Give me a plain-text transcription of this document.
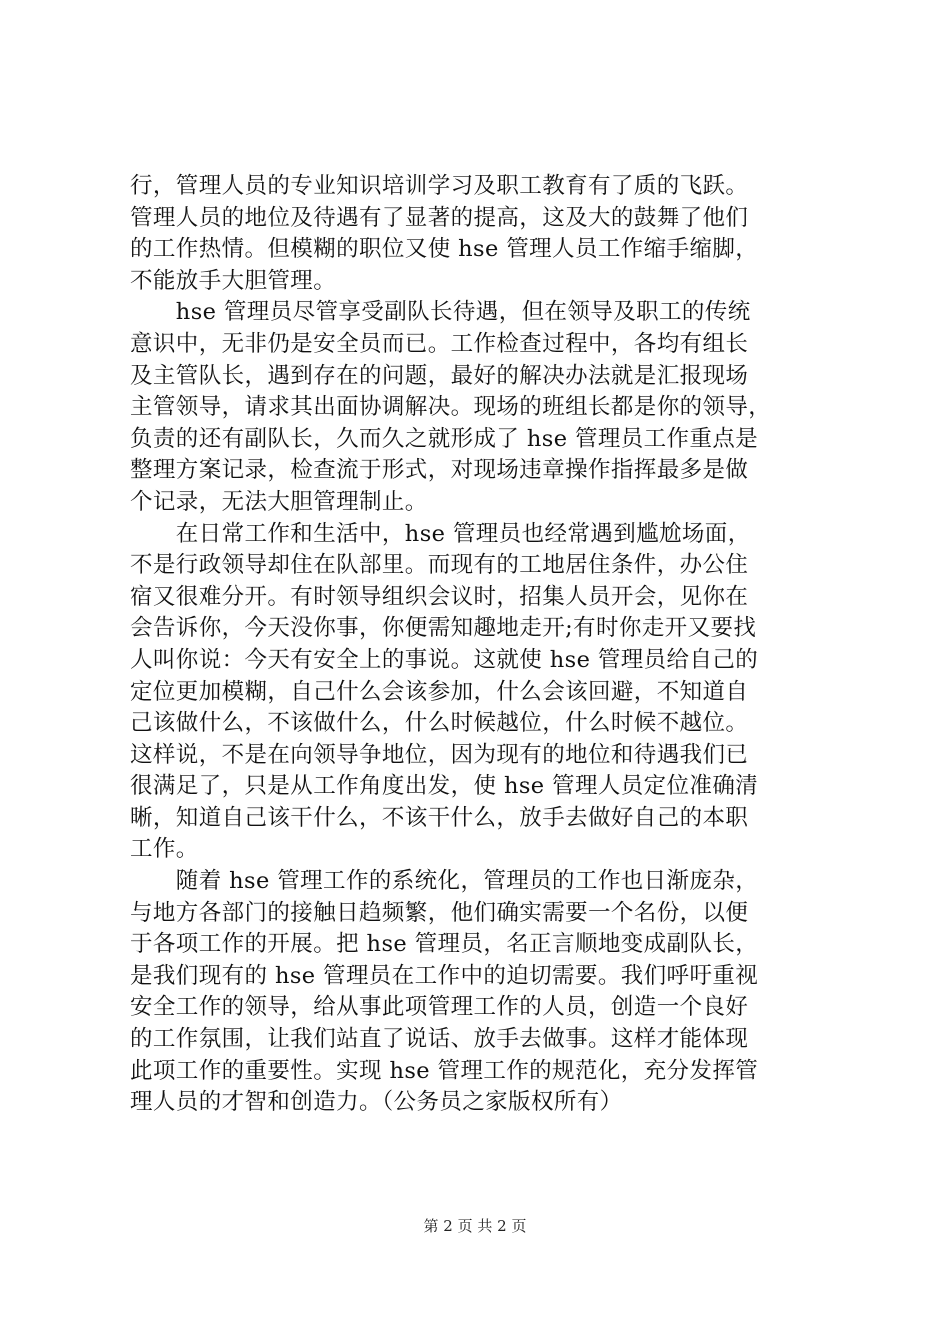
行，管理人员的专业知识培训学习及职工教育有了质的飞跃。
管理人员的地位及待遇有了显著的提高，这及大的鼓舞了他们
的工作热情。但模糊的职位又使 hse 管理人员工作缩手缩脚，
不能放手大胆管理。
　　hse 管理员尽管享受副队长待遇，但在领导及职工的传统
意识中，无非仍是安全员而已。工作检查过程中，各均有组长
及主管队长，遇到存在的问题，最好的解决办法就是汇报现场
主管领导，请求其出面协调解决。现场的班组长都是你的领导，
负责的还有副队长，久而久之就形成了 hse 管理员工作重点是
整理方案记录，检查流于形式，对现场违章操作指挥最多是做
个记录，无法大胆管理制止。
　　在日常工作和生活中，hse 管理员也经常遇到尴尬场面，
不是行政领导却住在队部里。而现有的工地居住条件，办公住
宿又很难分开。有时领导组织会议时，招集人员开会，见你在
会告诉你，今天没你事，你便需知趣地走开;有时你走开又要找
人叫你说：今天有安全上的事说。这就使 hse 管理员给自己的
定位更加模糊，自己什么会该参加，什么会该回避，不知道自
己该做什么，不该做什么，什么时候越位，什么时候不越位。
这样说，不是在向领导争地位，因为现有的地位和待遇我们已
很满足了，只是从工作角度出发，使 hse 管理人员定位准确清
晰，知道自己该干什么，不该干什么，放手去做好自己的本职
工作。
　　随着 hse 管理工作的系统化，管理员的工作也日渐庞杂，
与地方各部门的接触日趋频繁，他们确实需要一个名份，以便
于各项工作的开展。把 hse 管理员，名正言顺地变成副队长，
是我们现有的 hse 管理员在工作中的迫切需要。我们呼吁重视
安全工作的领导，给从事此项管理工作的人员，创造一个良好
的工作氛围，让我们站直了说话、放手去做事。这样才能体现
此项工作的重要性。实现 hse 管理工作的规范化，充分发挥管
理人员的才智和创造力。（公务员之家版权所有）
第 2 页 共 2 页
